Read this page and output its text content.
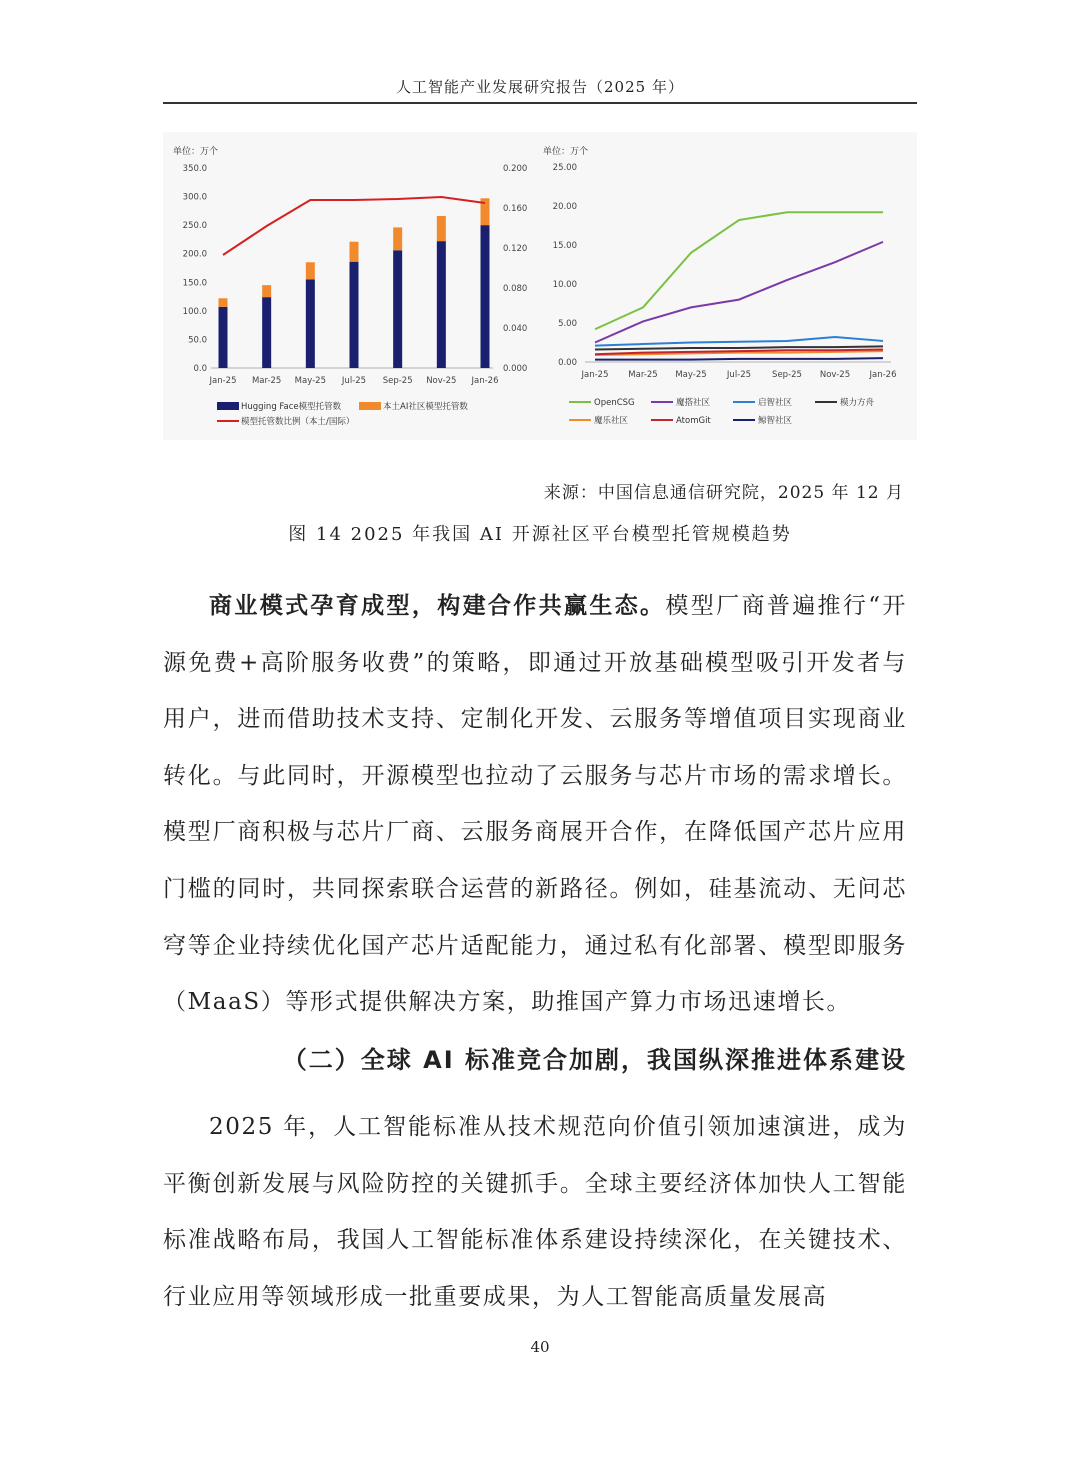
人工智能产业发展研究报告（2025 年）
单位：万个
0.0
50.0
100.0
150.0
200.0
250.0
300.0
350.0
0.000
0.040
0.080
0.120
0.160
0.200
Jan-25 Mar-25 May-25 Jul-25 Sep-25 Nov-25 Jan-26
Hugging Face模型托管数	本土AI社区模型托管数
模型托管数比例（本土/国际）
单位：万个
0.00
5.00
10.00
15.00
20.00
25.00
Jan-25 Mar-25 May-25 Jul-25 Sep-25 Nov-25 Jan-26
OpenCSG	魔搭社区	启智社区	模力方舟
魔乐社区	AtomGit	鲸智社区
来源：中国信息通信研究院，2025 年 12 月
图 14 2025 年我国 AI 开源社区平台模型托管规模趋势
商业模式孕育成型，构建合作共赢生态。模型厂商普遍推行“开源免费+高阶服务收费”的策略，即通过开放基础模型吸引开发者与用户，进而借助技术支持、定制化开发、云服务等增值项目实现商业转化。与此同时，开源模型也拉动了云服务与芯片市场的需求增长。模型厂商积极与芯片厂商、云服务商展开合作，在降低国产芯片应用门槛的同时，共同探索联合运营的新路径。例如，硅基流动、无问芯穹等企业持续优化国产芯片适配能力，通过私有化部署、模型即服务（MaaS）等形式提供解决方案，助推国产算力市场迅速增长。
（二）全球 AI 标准竞合加剧，我国纵深推进体系建设
2025 年，人工智能标准从技术规范向价值引领加速演进，成为平衡创新发展与风险防控的关键抓手。全球主要经济体加快人工智能标准战略布局，我国人工智能标准体系建设持续深化，在关键技术、行业应用等领域形成一批重要成果，为人工智能高质量发展高
40
